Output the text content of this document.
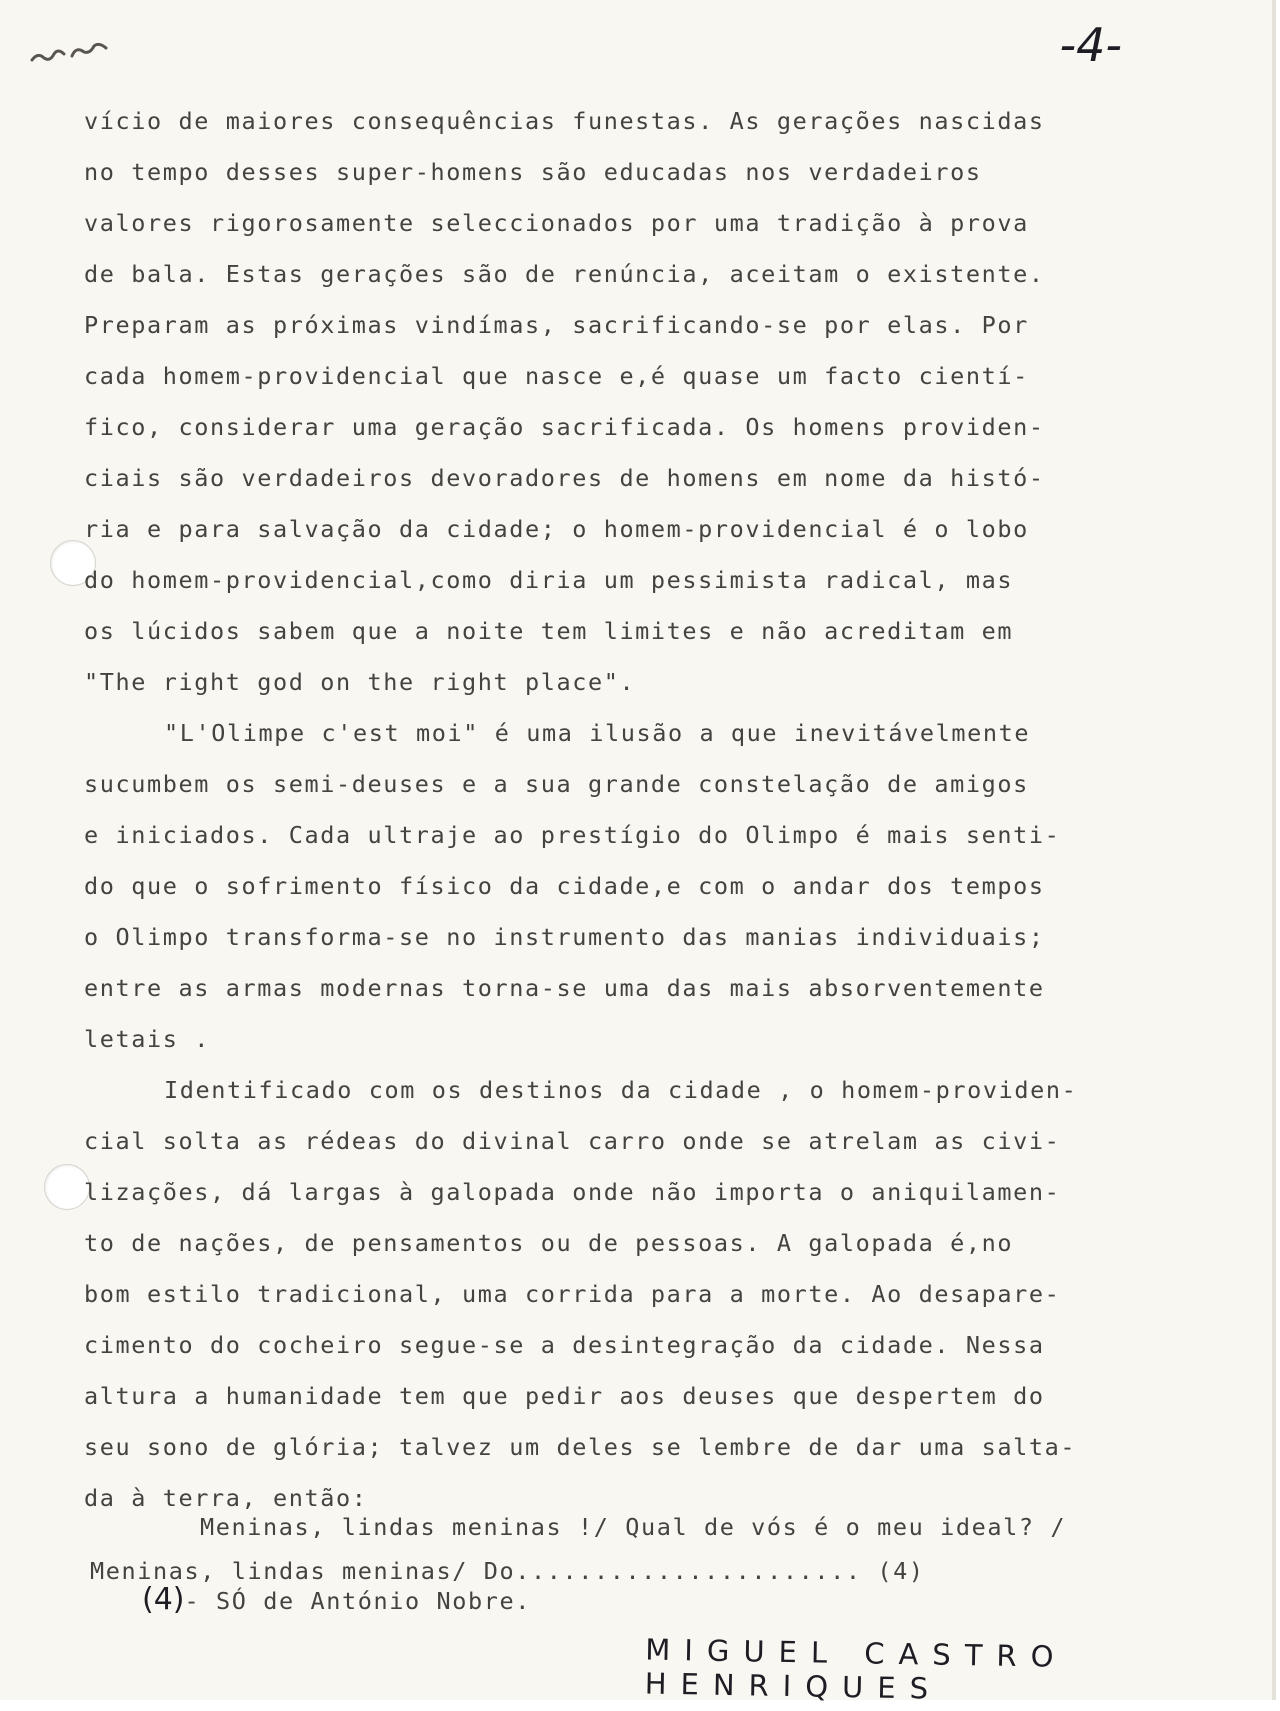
-4-
vício de maiores consequências funestas. As gerações nascidas
no tempo desses super-homens são educadas nos verdadeiros
valores rigorosamente seleccionados por uma tradição à prova
de bala. Estas gerações são de renúncia, aceitam o existente.
Preparam as próximas vindímas, sacrificando-se por elas. Por
cada homem-providencial que nasce e,é quase um facto cientí-
fico, considerar uma geração sacrificada. Os homens providen-
ciais são verdadeiros devoradores de homens em nome da histó-
ria e para salvação da cidade; o homem-providencial é o lobo
do homem-providencial,como diria um pessimista radical, mas
os lúcidos sabem que a noite tem limites e não acreditam em
"The right god on the right place".
"L'Olimpe c'est moi" é uma ilusão a que inevitávelmente
sucumbem os semi-deuses e a sua grande constelação de amigos
e iniciados. Cada ultraje ao prestígio do Olimpo é mais senti-
do que o sofrimento físico da cidade,e com o andar dos tempos
o Olimpo transforma-se no instrumento das manias individuais;
entre as armas modernas torna-se uma das mais absorventemente
letais .
Identificado com os destinos da cidade , o homem-providen-
cial solta as rédeas do divinal carro onde se atrelam as civi-
lizações, dá largas à galopada onde não importa o aniquilamen-
to de nações, de pensamentos ou de pessoas. A galopada é,no
bom estilo tradicional, uma corrida para a morte. Ao desapare-
cimento do cocheiro segue-se a desintegração da cidade. Nessa
altura a humanidade tem que pedir aos deuses que despertem do
seu sono de glória; talvez um deles se lembre de dar uma salta-
da à terra, então:
Meninas, lindas meninas !/ Qual de vós é o meu ideal? /
Meninas, lindas meninas/ Do...................... (4)
(4)- SÓ de António Nobre.
MIGUEL CASTRO HENRIQUES
